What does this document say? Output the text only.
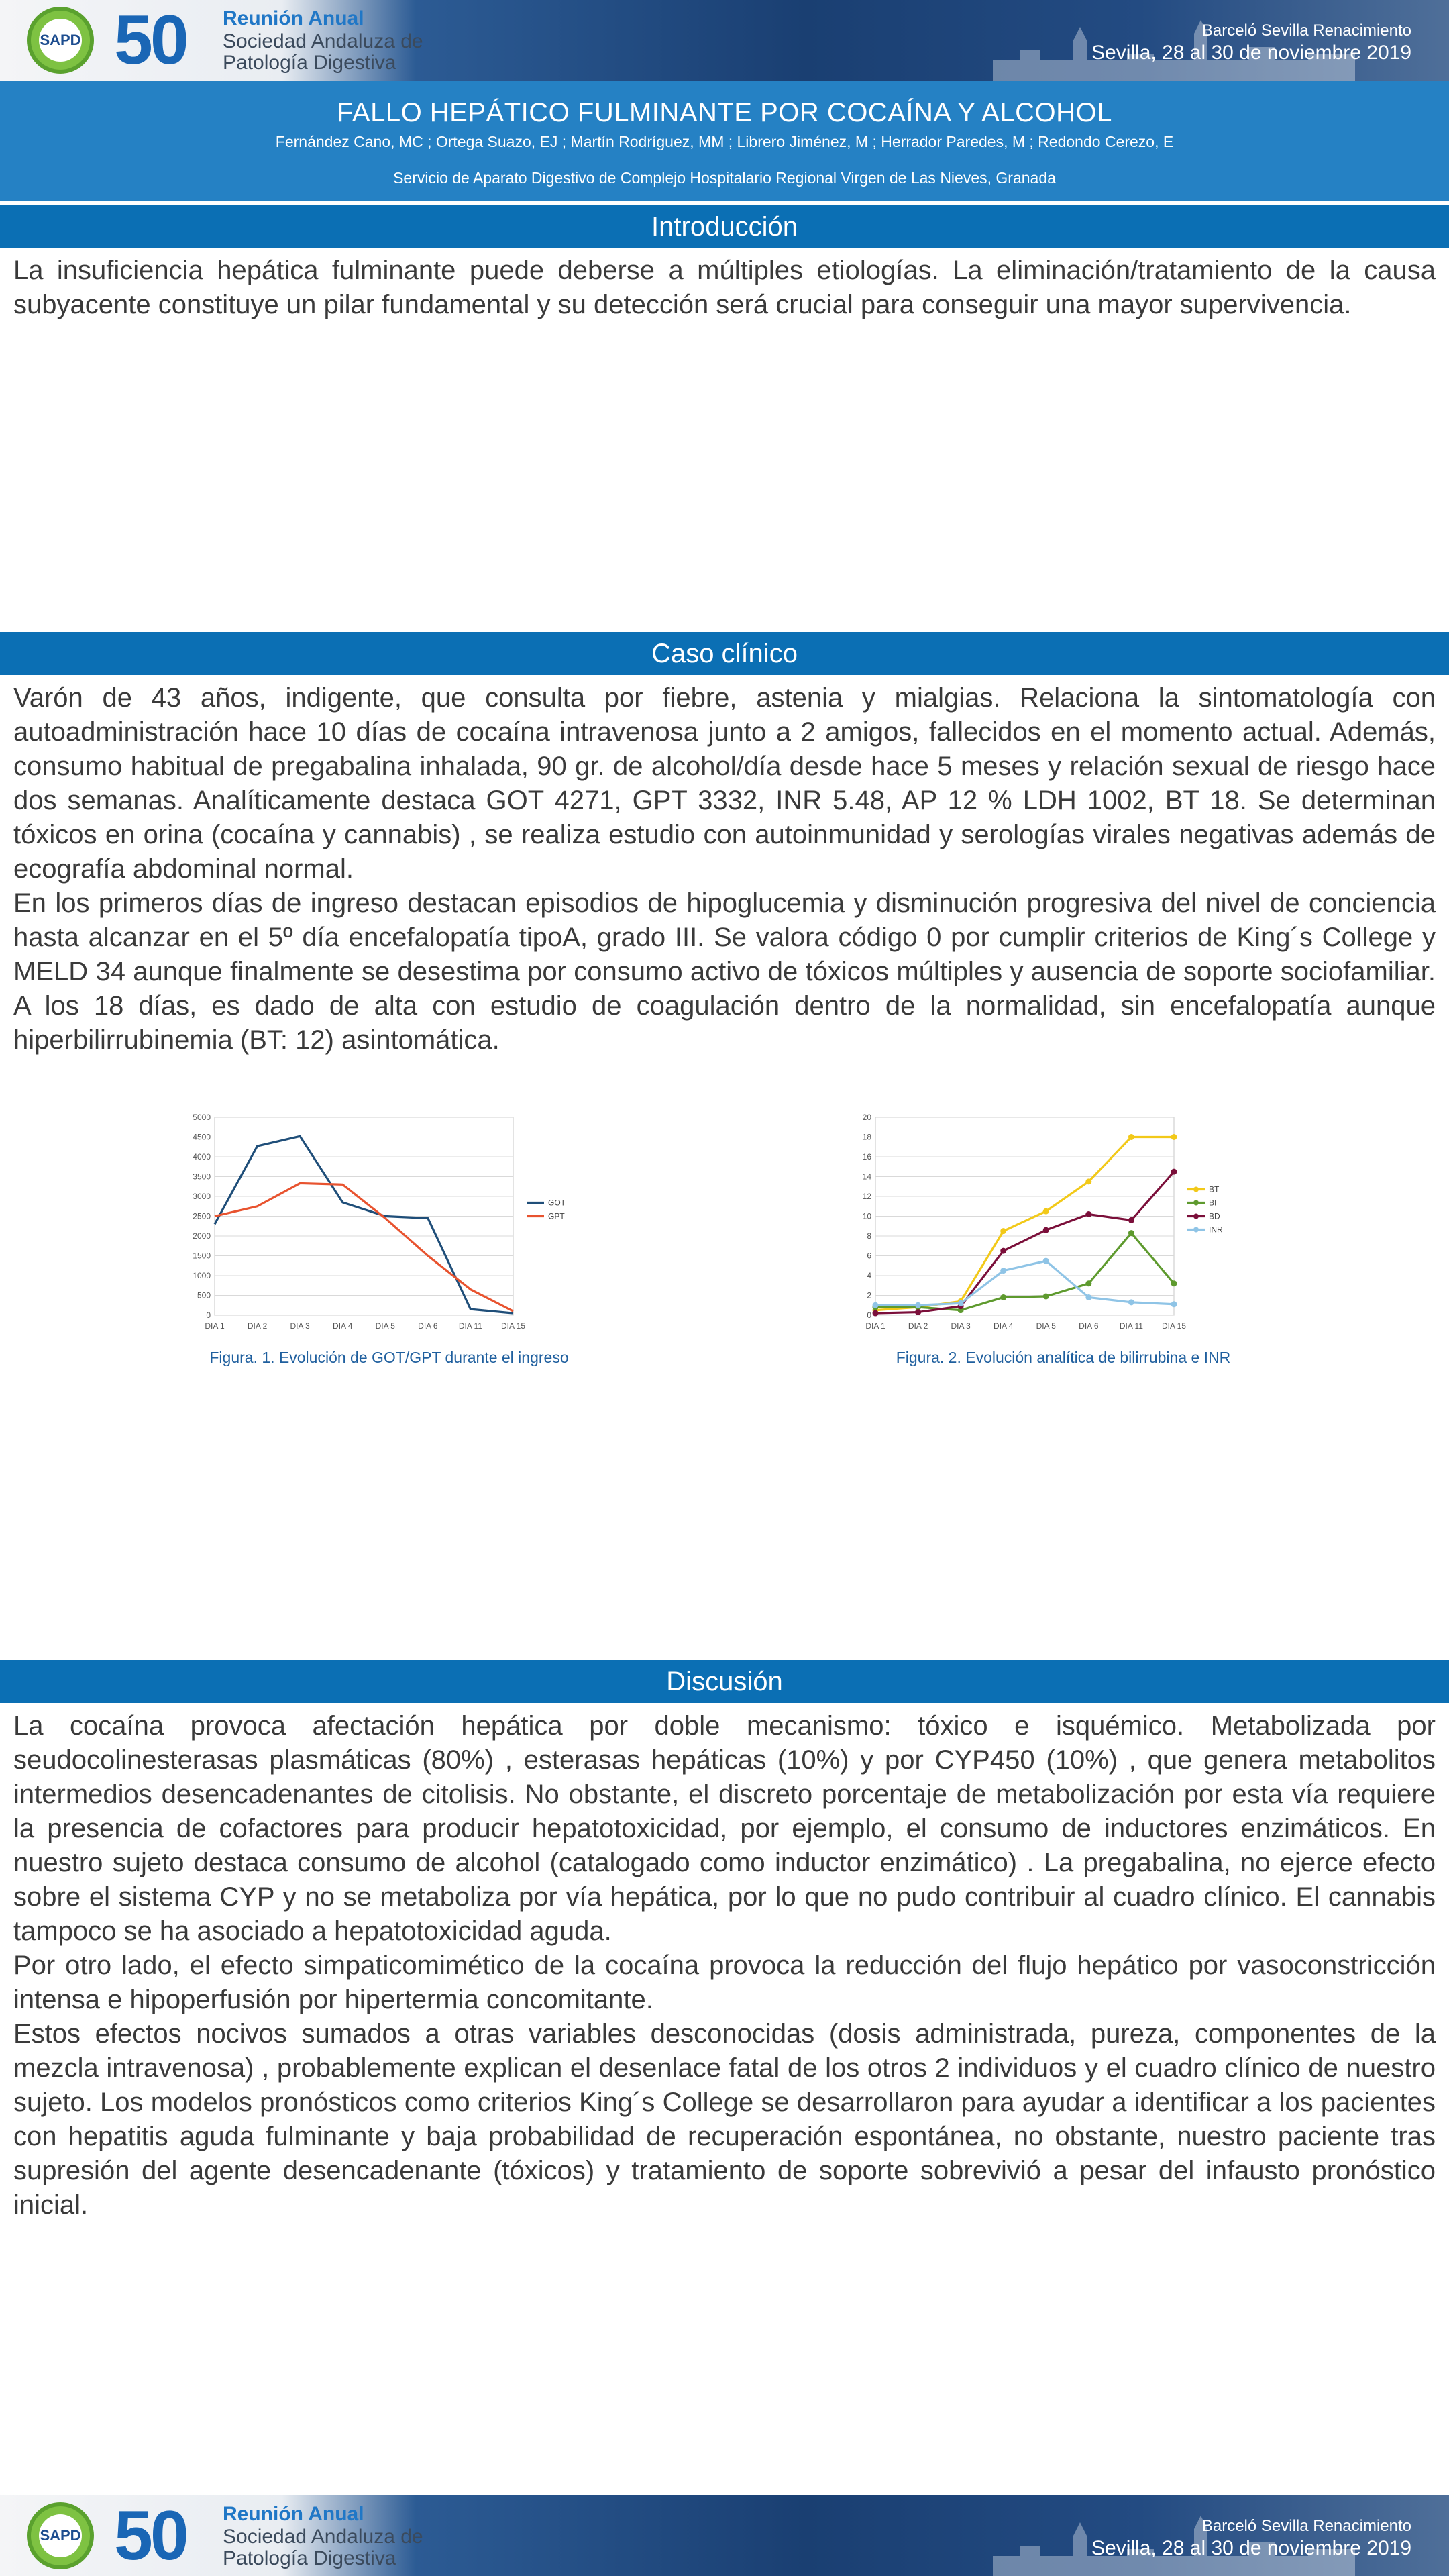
SAPD 50 Reunión Anual
Sociedad Andaluza de
Patología Digestiva
Barceló Sevilla Renacimiento
Sevilla, 28 al 30 de noviembre 2019
FALLO HEPÁTICO FULMINANTE POR COCAÍNA Y ALCOHOL
Fernández Cano, MC ; Ortega Suazo, EJ ; Martín Rodríguez, MM ; Librero Jiménez, M ; Herrador Paredes, M ; Redondo Cerezo, E
Servicio de Aparato Digestivo de Complejo Hospitalario Regional Virgen de Las Nieves, Granada
Introducción

La insuficiencia hepática fulminante puede deberse a múltiples etiologías. La eliminación/tratamiento de la causa subyacente constituye un pilar fundamental y su detección será crucial para conseguir una mayor supervivencia.

Caso clínico

Varón de 43 años, indigente, que consulta por fiebre, astenia y mialgias. Relaciona la sintomatología con autoadministración hace 10 días de cocaína intravenosa junto a 2 amigos, fallecidos en el momento actual. Además, consumo habitual de pregabalina inhalada, 90 gr. de alcohol/día desde hace 5 meses y relación sexual de riesgo hace dos semanas. Analíticamente destaca GOT 4271, GPT 3332, INR 5.48, AP 12 % LDH 1002, BT 18. Se determinan tóxicos en orina (cocaína y cannabis) , se realiza estudio con autoinmunidad y serologías virales negativas además de ecografía abdominal normal.

En los primeros días de ingreso destacan episodios de hipoglucemia y disminución progresiva del nivel de conciencia hasta alcanzar en el 5º día encefalopatía tipoA, grado III. Se valora código 0 por cumplir criterios de King´s College y MELD 34 aunque finalmente se desestima por consumo activo de tóxicos múltiples y ausencia de soporte sociofamiliar. A los 18 días, es dado de alta con estudio de coagulación dentro de la normalidad, sin encefalopatía aunque hiperbilirrubinemia (BT: 12) asintomática.

0
500
1000
1500
2000
2500
3000
3500
4000
4500
5000
DIA 1	DIA 2	DIA 3	DIA 4	DIA 5	DIA 6	DIA 11 DIA 15
GOT
GPT
Figura. 1. Evolución de GOT/GPT durante el ingreso
0
2
4
6
8
10
12
14
16
18
20
DIA 1	DIA 2	DIA 3	DIA 4	DIA 5	DIA 6	DIA 11 DIA 15
BT
BI
BD
INR
Figura. 2. Evolución analítica de bilirrubina e INR
Discusión

La cocaína provoca afectación hepática por doble mecanismo: tóxico e isquémico. Metabolizada por seudocolinesterasas plasmáticas (80%) , esterasas hepáticas (10%) y por CYP450 (10%) , que genera metabolitos intermedios desencadenantes de citolisis. No obstante, el discreto porcentaje de metabolización por esta vía requiere la presencia de cofactores para producir hepatotoxicidad, por ejemplo, el consumo de inductores enzimáticos. En nuestro sujeto destaca consumo de alcohol (catalogado como inductor enzimático) . La pregabalina, no ejerce efecto sobre el sistema CYP y no se metaboliza por vía hepática, por lo que no pudo contribuir al cuadro clínico. El cannabis tampoco se ha asociado a hepatotoxicidad aguda.

Por otro lado, el efecto simpaticomimético de la cocaína provoca la reducción del flujo hepático por vasoconstricción intensa e hipoperfusión por hipertermia concomitante.

Estos efectos nocivos sumados a otras variables desconocidas (dosis administrada, pureza, componentes de la mezcla intravenosa) , probablemente explican el desenlace fatal de los otros 2 individuos y el cuadro clínico de nuestro sujeto. Los modelos pronósticos como criterios King´s College se desarrollaron para ayudar a identificar a los pacientes con hepatitis aguda fulminante y baja probabilidad de recuperación espontánea, no obstante, nuestro paciente tras supresión del agente desencadenante (tóxicos) y tratamiento de soporte sobrevivió a pesar del infausto pronóstico inicial.

SAPD 50 Reunión Anual
Sociedad Andaluza de
Patología Digestiva
Barceló Sevilla Renacimiento
Sevilla, 28 al 30 de noviembre 2019
